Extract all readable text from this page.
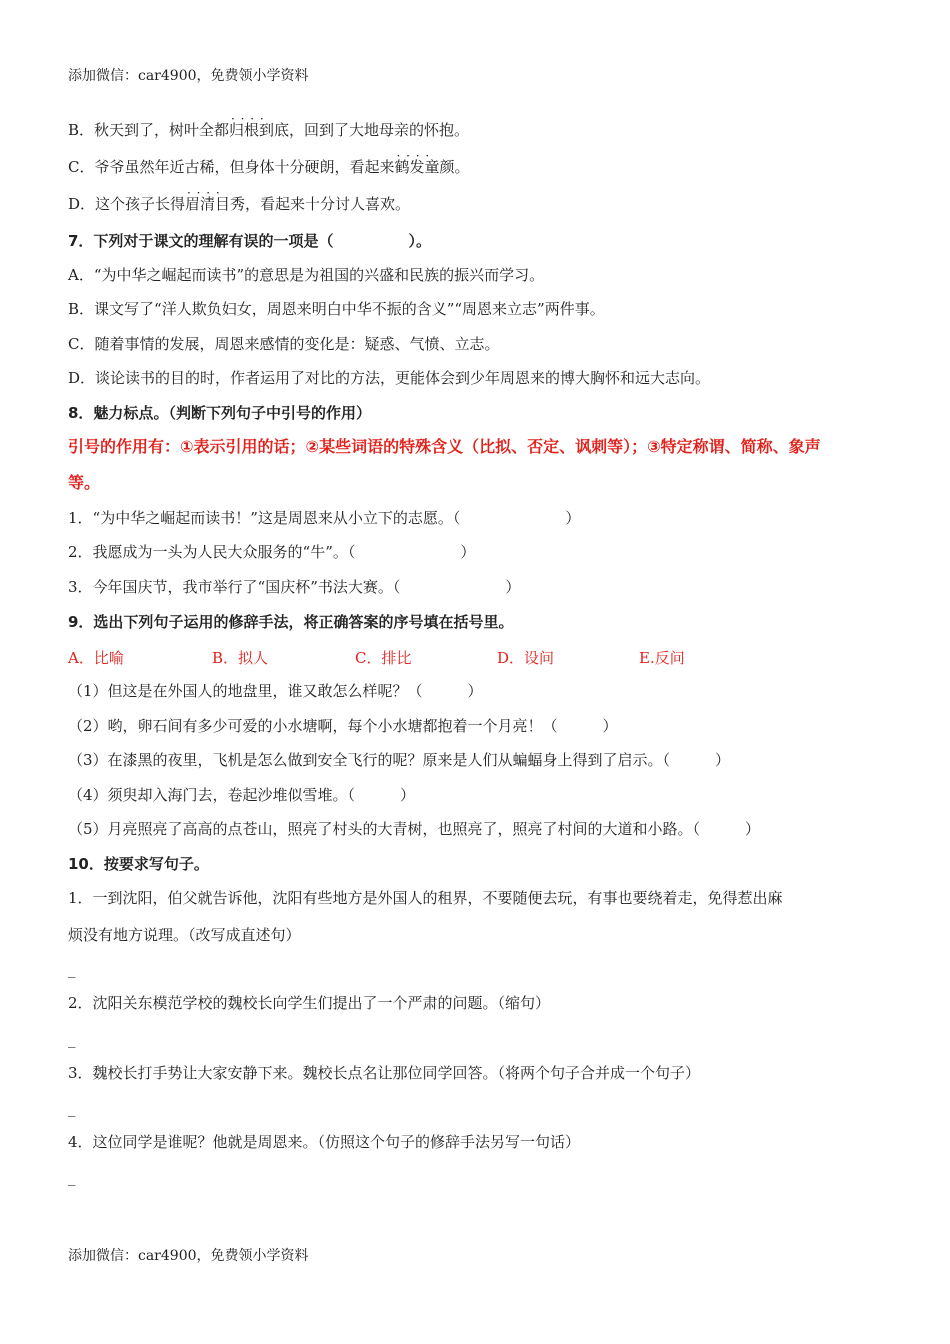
添加微信：car4900，免费领小学资料
B．秋天到了，树叶全都· · 归根到底，回到了大地母亲的怀抱。
C．爷爷虽然年近古稀，但身体十分硬朗，看起来· · 鹤发童颜。
D．这个孩子长得· · 眉清目秀，看起来十分讨人喜欢。
7．下列对于课文的理解有误的一项是（　　　　　）。
A．“为中华之崛起而读书”的意思是为祖国的兴盛和民族的振兴而学习。
B．课文写了“洋人欺负妇女，周恩来明白中华不振的含义”“周恩来立志”两件事。
C．随着事情的发展，周恩来感情的变化是：疑惑、气愤、立志。
D．谈论读书的目的时，作者运用了对比的方法，更能体会到少年周恩来的博大胸怀和远大志向。
8．魅力标点。（判断下列句子中引号的作用）
引号的作用有：①表示引用的话；②某些词语的特殊含义（比拟、否定、讽刺等）；③特定称谓、简称、象声
等。
1．“为中华之崛起而读书！”这是周恩来从小立下的志愿。（　　　　　　　）
2．我愿成为一头为人民大众服务的“牛”。（　　　　　　　）
3．今年国庆节，我市举行了“国庆杯”书法大赛。（　　　　　　　）
9．选出下列句子运用的修辞手法，将正确答案的序号填在括号里。
A．比喻	B．拟人	C．排比	D．设问	E.反问
（1）但这是在外国人的地盘里，谁又敢怎么样呢？（　　　）
（2）哟，卵石间有多少可爱的小水塘啊，每个小水塘都抱着一个月亮！（　　　）
（3）在漆黑的夜里，飞机是怎么做到安全飞行的呢？原来是人们从蝙蝠身上得到了启示。（　　　）
（4）须臾却入海门去，卷起沙堆似雪堆。（　　　）
（5）月亮照亮了高高的点苍山，照亮了村头的大青树，也照亮了，照亮了村间的大道和小路。（　　　）
10．按要求写句子。
1．一到沈阳，伯父就告诉他，沈阳有些地方是外国人的租界，不要随便去玩，有事也要绕着走，免得惹出麻
烦没有地方说理。（改写成直述句）
_
2．沈阳关东模范学校的魏校长向学生们提出了一个严肃的问题。（缩句）
_
3．魏校长打手势让大家安静下来。魏校长点名让那位同学回答。（将两个句子合并成一个句子）
_
4．这位同学是谁呢？他就是周恩来。（仿照这个句子的修辞手法另写一句话）
_
添加微信：car4900，免费领小学资料
